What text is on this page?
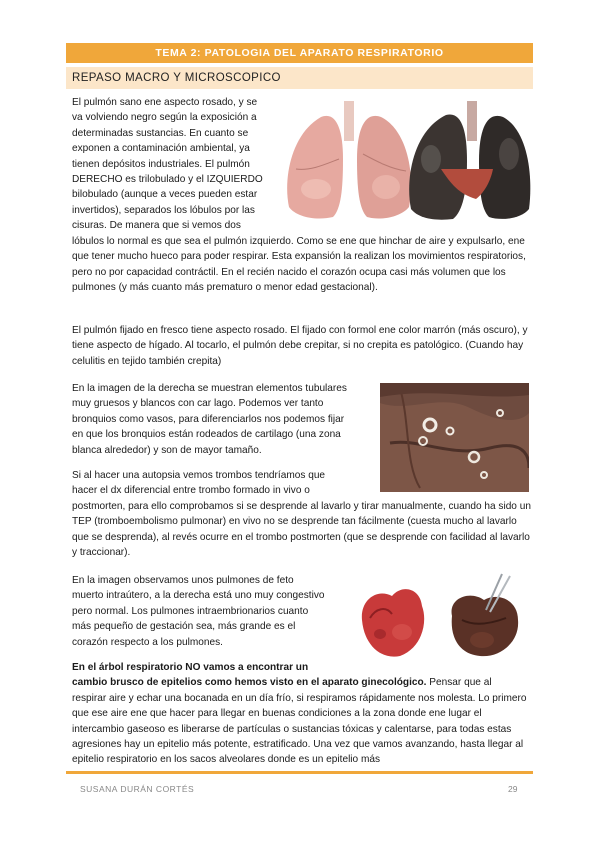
TEMA 2: PATOLOGIA DEL APARATO RESPIRATORIO
REPASO MACRO Y MICROSCOPICO
El pulmón sano ene aspecto rosado, y se
va volviendo negro según la exposición a
determinadas sustancias. En cuanto se
exponen a contaminación ambiental, ya
tienen depósitos industriales. El pulmón
DERECHO es trilobulado y el IZQUIERDO
bilobulado (aunque a veces pueden estar
invertidos), separados los lóbulos por las
cisuras. De manera que si vemos dos
lóbulos lo normal es que sea el pulmón izquierdo. Como se ene que hinchar de aire y expulsarlo, ene que tener mucho hueco para poder respirar. Esta expansión la realizan los movimientos respiratorios, pero no por capacidad contráctil. En el recién nacido el corazón ocupa casi más volumen que los pulmones (y más cuanto más prematuro o menor edad gestacional).
El pulmón fijado en fresco tiene aspecto rosado. El fijado con formol ene color marrón (más oscuro), y tiene aspecto de hígado. Al tocarlo, el pulmón debe crepitar, si no crepita es patológico. (Cuando hay celulitis en tejido también crepita)
En la imagen de la derecha se muestran elementos tubulares
muy gruesos y blancos con car lago. Podemos ver tanto
bronquios como vasos, para diferenciarlos nos podemos fijar
en que los bronquios están rodeados de cartilago (una zona
blanca alrededor) y son de mayor tamaño.
Si al hacer una autopsia vemos trombos tendríamos que
hacer el dx diferencial entre trombo formado in vivo o
postmorten, para ello comprobamos si se desprende al lavarlo y tirar manualmente, cuando ha sido un TEP (tromboembolismo pulmonar) en vivo no se desprende tan fácilmente (cuesta mucho al lavarlo que se desprenda), al revés ocurre en el trombo postmorten (que se desprende con facilidad al lavarlo y traccionar).
En la imagen observamos unos pulmones de feto
muerto intraútero, a la derecha está uno muy congestivo
pero normal. Los pulmones intraembrionarios cuanto
más pequeño de gestación sea, más grande es el
corazón respecto a los pulmones.
En el árbol respiratorio NO vamos a encontrar un
cambio brusco de epitelios como hemos visto en el aparato ginecológico. Pensar que al
respirar aire y echar una bocanada en un día frío, si respiramos rápidamente nos molesta. Lo primero que ese aire ene que hacer para llegar en buenas condiciones a la zona donde ene lugar el intercambio gaseoso es liberarse de partículas o sustancias tóxicas y calentarse, para todas estas agresiones hay un epitelio más potente, estratificado. Una vez que vamos avanzando, hasta llegar al epitelio respiratorio en los sacos alveolares donde es un epitelio más
SUSANA DURÁN CORTÉS	29
